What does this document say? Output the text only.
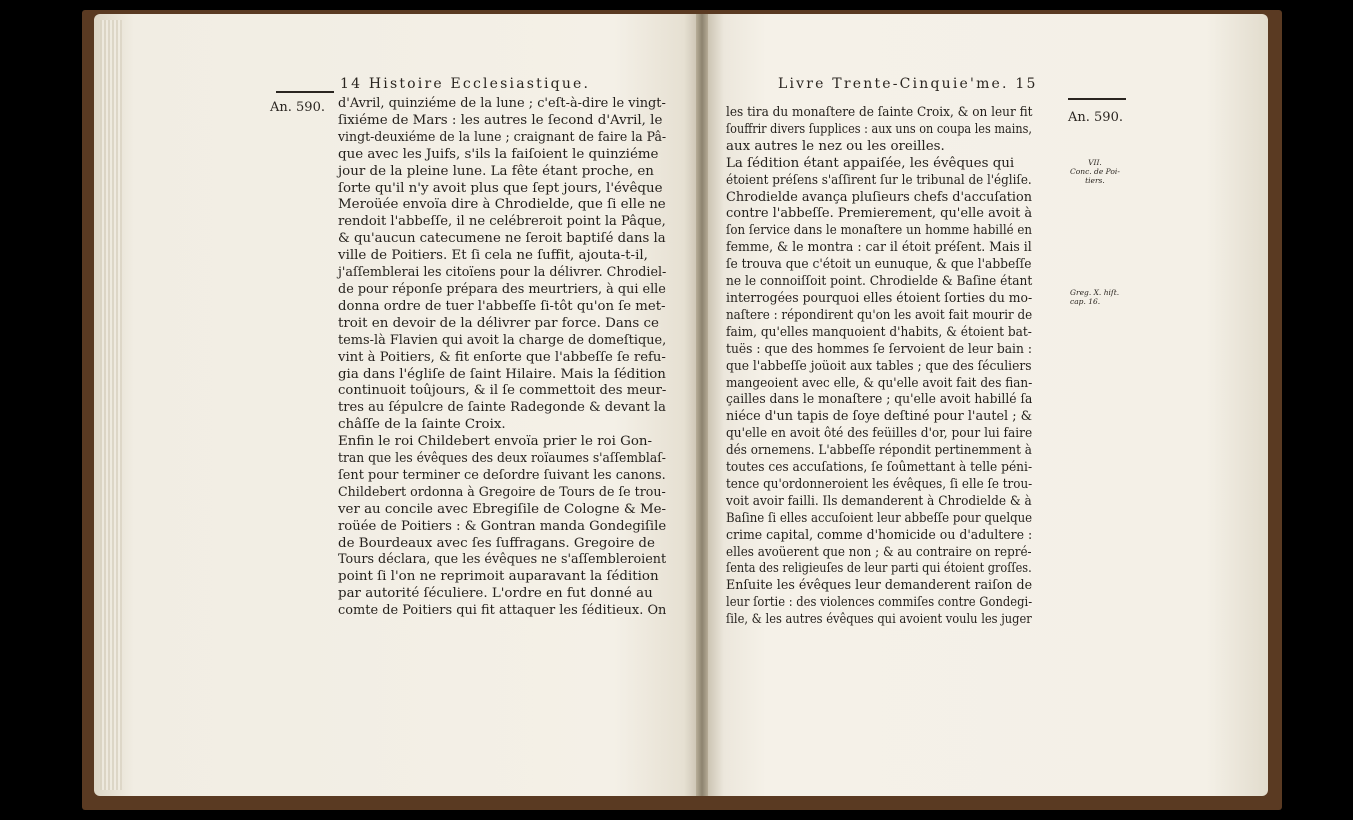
14 Histoire Ecclesiastique.
An. 590. d'Avril, quinziéme de la lune ; c'eſt-à-dire le vingt-
ſixiéme de Mars : les autres le ſecond d'Avril, le
vingt-deuxiéme de la lune ; craignant de faire la Pâ-
que avec les Juifs, s'ils la faiſoient le quinziéme
jour de la pleine lune. La fête étant proche, en
ſorte qu'il n'y avoit plus que ſept jours, l'évêque
Meroüée envoïa dire à Chrodielde, que ſi elle ne
rendoit l'abbeſſe, il ne celébreroit point la Pâque,
& qu'aucun catecumene ne ſeroit baptiſé dans la
ville de Poitiers. Et ſi cela ne ſuffit, ajouta-t-il,
j'aſſemblerai les citoïens pour la délivrer. Chrodiel-
de pour réponſe prépara des meurtriers, à qui elle
donna ordre de tuer l'abbeſſe ſi-tôt qu'on ſe met-
troit en devoir de la délivrer par force. Dans ce
tems-là Flavien qui avoit la charge de domeſtique,
vint à Poitiers, & fit enſorte que l'abbeſſe ſe refu-
gia dans l'égliſe de ſaint Hilaire. Mais la ſédition
continuoit toûjours, & il ſe commettoit des meur-
tres au ſépulcre de ſainte Radegonde & devant la
châſſe de la ſainte Croix.
Enfin le roi Childebert envoïa prier le roi Gon-
tran que les évêques des deux roïaumes s'aſſemblaſ-
ſent pour terminer ce deſordre ſuivant les canons.
Childebert ordonna à Gregoire de Tours de ſe trou-
ver au concile avec Ebregiſile de Cologne & Me-
roüée de Poitiers : & Gontran manda Gondegiſile
de Bourdeaux avec ſes ſuffragans. Gregoire de
Tours déclara, que les évêques ne s'aſſembleroient
point ſi l'on ne reprimoit auparavant la ſédition
par autorité ſéculiere. L'ordre en fut donné au
comte de Poitiers qui fit attaquer les ſéditieux. On
Livre Trente-Cinquie'me. 15
An. 590.
VII.
Conc. de Poi-
tiers.
Greg. X. hiſt.
cap. 16.
les tira du monaſtere de ſainte Croix, & on leur fit
ſouffrir divers ſupplices : aux uns on coupa les mains,
aux autres le nez ou les oreilles.
La ſédition étant appaiſée, les évêques qui
étoient préſens s'aſſirent ſur le tribunal de l'égliſe.
Chrodielde avança pluſieurs chefs d'accuſation
contre l'abbeſſe. Premierement, qu'elle avoit à
ſon ſervice dans le monaſtere un homme habillé en
femme, & le montra : car il étoit préſent. Mais il
ſe trouva que c'étoit un eunuque, & que l'abbeſſe
ne le connoiſſoit point. Chrodielde & Baſine étant
interrogées pourquoi elles étoient ſorties du mo-
naſtere : répondirent qu'on les avoit fait mourir de
faim, qu'elles manquoient d'habits, & étoient bat-
tuës : que des hommes ſe ſervoient de leur bain :
que l'abbeſſe joüoit aux tables ; que des ſéculiers
mangeoient avec elle, & qu'elle avoit fait des fian-
çailles dans le monaſtere ; qu'elle avoit habillé ſa
niéce d'un tapis de ſoye deſtiné pour l'autel ; &
qu'elle en avoit ôté des feüilles d'or, pour lui faire
dés ornemens. L'abbeſſe répondit pertinemment à
toutes ces accuſations, ſe ſoûmettant à telle péni-
tence qu'ordonneroient les évêques, ſi elle ſe trou-
voit avoir failli. Ils demanderent à Chrodielde & à
Baſine ſi elles accuſoient leur abbeſſe pour quelque
crime capital, comme d'homicide ou d'adultere :
elles avoüerent que non ; & au contraire on repré-
ſenta des religieuſes de leur parti qui étoient groſſes.
Enſuite les évêques leur demanderent raiſon de
leur ſortie : des violences commiſes contre Gondegi-
ſile, & les autres évêques qui avoient voulu les juger
